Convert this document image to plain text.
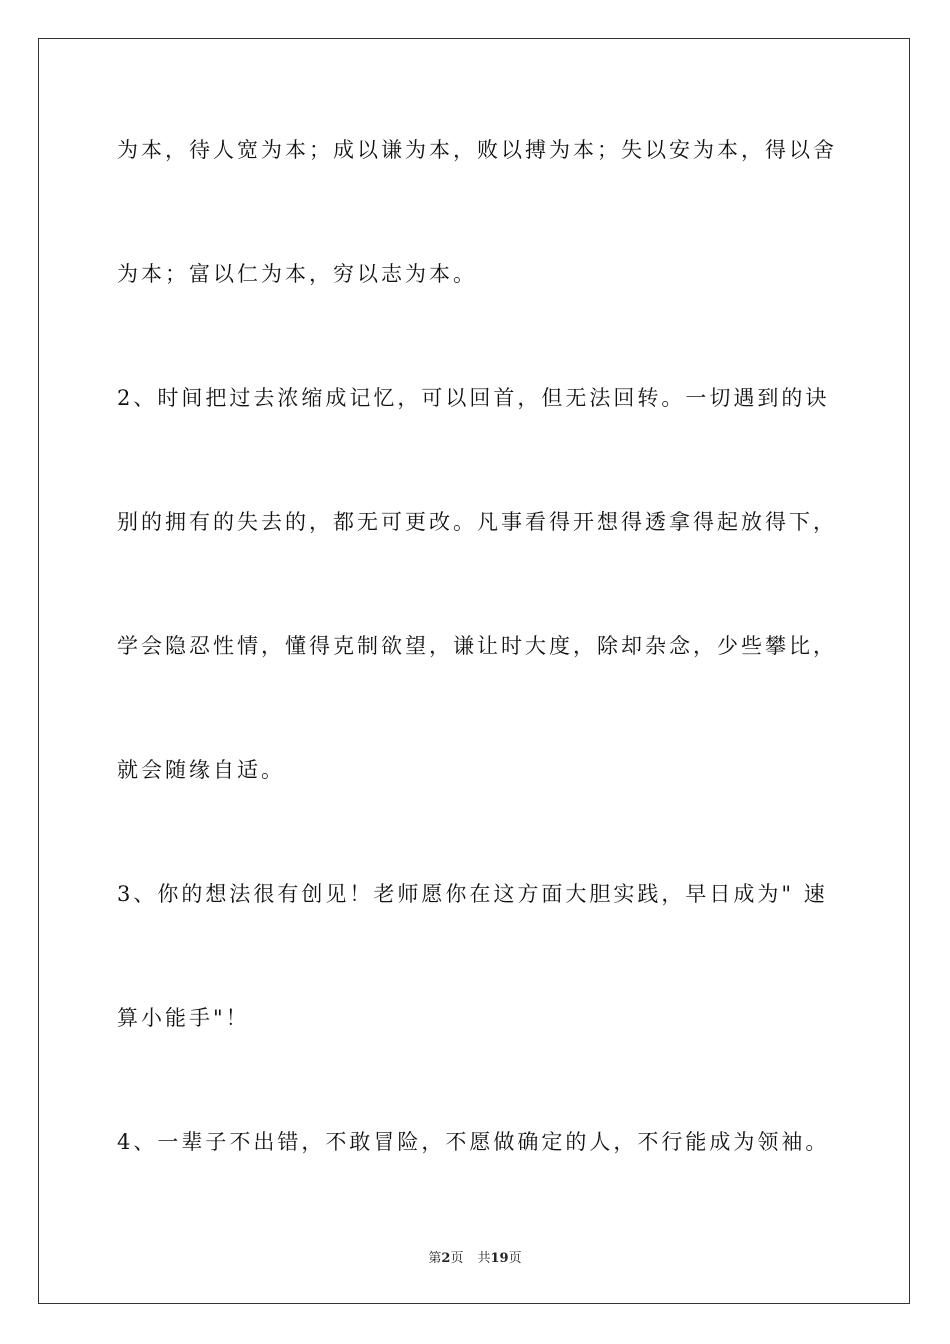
为本，待人宽为本；成以谦为本，败以搏为本；失以安为本，得以舍
为本；富以仁为本，穷以志为本。
2、时间把过去浓缩成记忆，可以回首，但无法回转。一切遇到的诀
别的拥有的失去的，都无可更改。凡事看得开想得透拿得起放得下，
学会隐忍性情，懂得克制欲望，谦让时大度，除却杂念，少些攀比，
就会随缘自适。
3、你的想法很有创见！老师愿你在这方面大胆实践，早日成为" 速
算小能手"！
4、一辈子不出错，不敢冒险，不愿做确定的人，不行能成为领袖。
第2页 共19页
